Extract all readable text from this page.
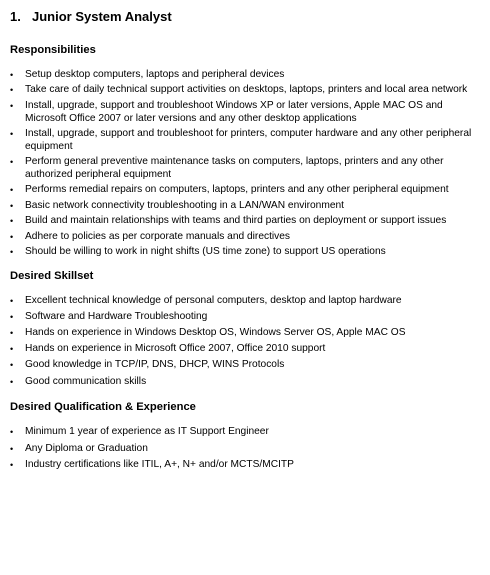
1. Junior System Analyst
Responsibilities
•	Setup desktop computers, laptops and peripheral devices
•	Take care of daily technical support activities on desktops, laptops, printers and local area network
•	Install, upgrade, support and troubleshoot Windows XP or later versions, Apple MAC OS and Microsoft Office 2007 or later versions and any other desktop applications
•	Install, upgrade, support and troubleshoot for printers, computer hardware and any other peripheral equipment
•	Perform general preventive maintenance tasks on computers, laptops, printers and any other authorized peripheral equipment
•	Performs remedial repairs on computers, laptops, printers and any other peripheral equipment
•	Basic network connectivity troubleshooting in a LAN/WAN environment
•	Build and maintain relationships with teams and third parties on deployment or support issues
•	Adhere to policies as per corporate manuals and directives
•	Should be willing to work in night shifts (US time zone) to support US operations
Desired Skillset
•	Excellent technical knowledge of personal computers, desktop and laptop hardware
•	Software and Hardware Troubleshooting
•	Hands on experience in Windows Desktop OS, Windows Server OS, Apple MAC OS
•	Hands on experience in Microsoft Office 2007, Office 2010 support
•	Good knowledge in TCP/IP, DNS, DHCP, WINS Protocols
•	Good communication skills
Desired Qualification & Experience
•	Minimum 1 year of experience as IT Support Engineer
•	Any Diploma or Graduation
•	Industry certifications like ITIL, A+, N+ and/or MCTS/MCITP
